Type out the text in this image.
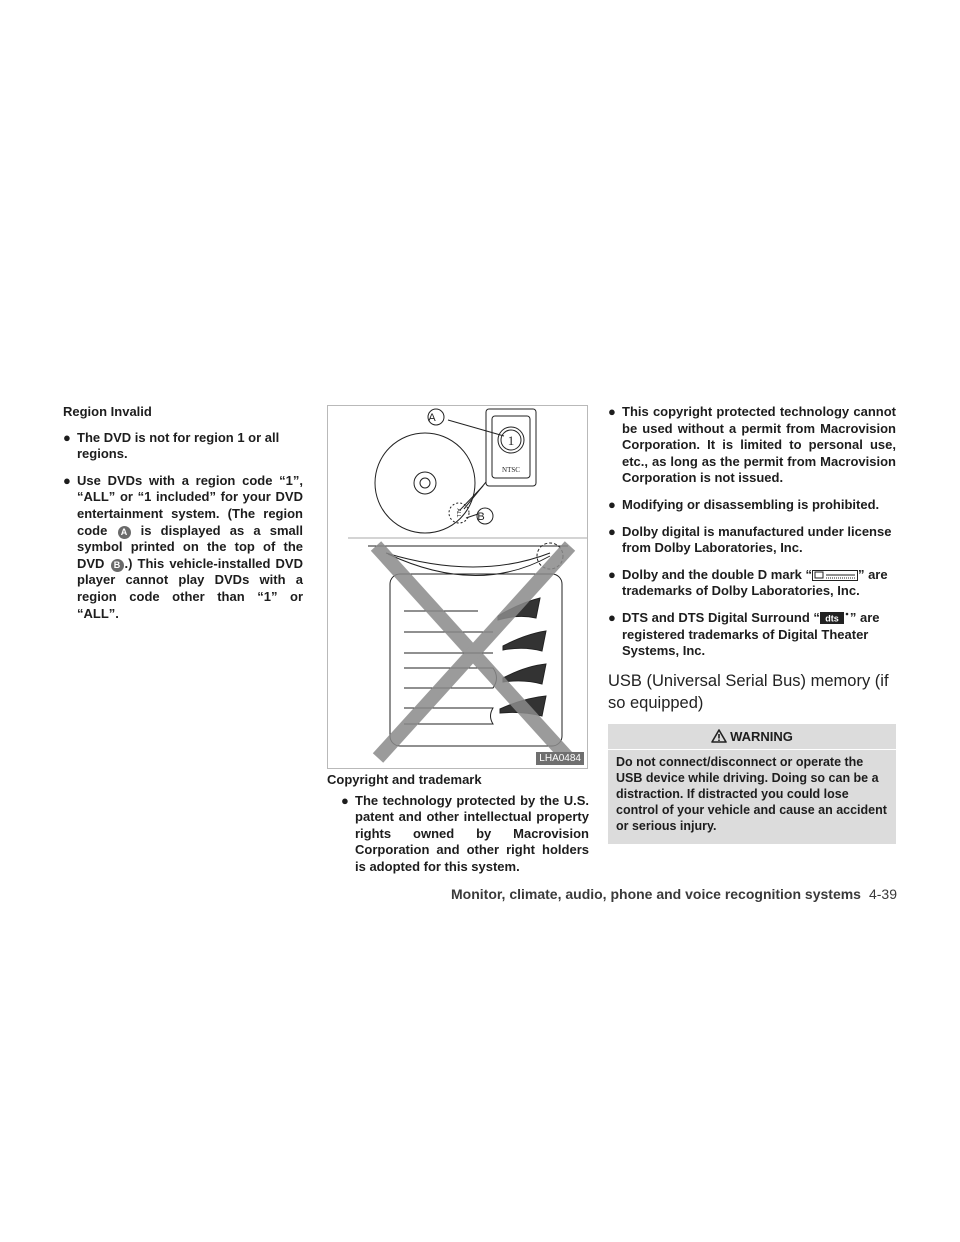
Region Invalid
● The DVD is not for region 1 or all regions.
● Use DVDs with a region code “1”, “ALL” or “1 included” for your DVD entertainment system. (The region code A is displayed as a small symbol printed on the top of the DVD B .) This vehicle-installed DVD player cannot play DVDs with a region code other than “1” or “ALL”.
A
B
1
NTSC
ALL
LHA0484
Copyright and trademark
● The technology protected by the U.S. patent and other intellectual property rights owned by Macrovision Corporation and other right holders is adopted for this system.
● This copyright protected technology cannot be used without a permit from Macrovision Corporation. It is limited to personal use, etc., as long as the permit from Macrovision Corporation is not issued.
● Modifying or disassembling is prohibited.
● Dolby digital is manufactured under license from Dolby Laboratories, Inc.
● Dolby and the double D mark “	” are trademarks of Dolby Laboratories, Inc.
● DTS and DTS Digital Surround “ dts ” are registered trademarks of Digital Theater Systems, Inc.
USB (Universal Serial Bus) memory (if so equipped)
WARNING
Do not connect/disconnect or operate the USB device while driving. Doing so can be a distraction. If distracted you could lose control of your vehicle and cause an accident or serious injury.
Monitor, climate, audio, phone and voice recognition systems 4-39
